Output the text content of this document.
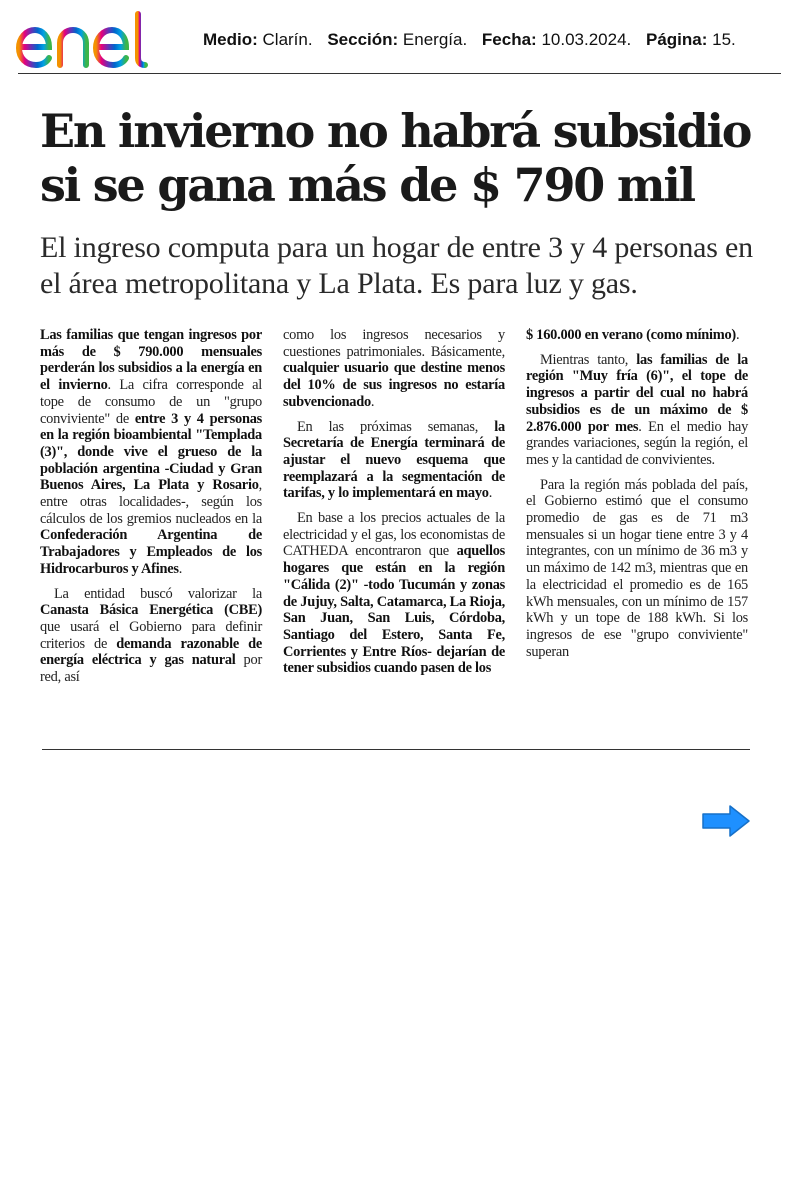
Medio: Clarín. Sección: Energía. Fecha: 10.03.2024. Página: 15.
En invierno no habrá subsidio si se gana más de $ 790 mil
El ingreso computa para un hogar de entre 3 y 4 personas en el área metropolitana y La Plata. Es para luz y gas.

Las familias que tengan ingresos por más de $ 790.000 mensuales perderán los subsidios a la energía en el invierno. La cifra corresponde al tope de consumo de un "grupo conviviente" de entre 3 y 4 personas en la región bioambiental "Templada (3)", donde vive el grueso de la población argentina -Ciudad y Gran Buenos Aires, La Plata y Rosario, entre otras localidades-, según los cálculos de los gremios nucleados en la Confederación Argentina de Trabajadores y Empleados de los Hidrocarburos y Afines.

La entidad buscó valorizar la Canasta Básica Energética (CBE) que usará el Gobierno para definir criterios de demanda razonable de energía eléctrica y gas natural por red, así

como los ingresos necesarios y cuestiones patrimoniales. Básicamente, cualquier usuario que destine menos del 10% de sus ingresos no estaría subvencionado.

En las próximas semanas, la Secretaría de Energía terminará de ajustar el nuevo esquema que reemplazará a la segmentación de tarifas, y lo implementará en mayo.

En base a los precios actuales de la electricidad y el gas, los economistas de CATHEDA encontraron que aquellos hogares que están en la región "Cálida (2)" -todo Tucumán y zonas de Jujuy, Salta, Catamarca, La Rioja, San Juan, San Luis, Córdoba, Santiago del Estero, Santa Fe, Corrientes y Entre Ríos- dejarían de tener subsidios cuando pasen de los

$ 160.000 en verano (como mínimo).

Mientras tanto, las familias de la región "Muy fría (6)", el tope de ingresos a partir del cual no habrá subsidios es de un máximo de $ 2.876.000 por mes. En el medio hay grandes variaciones, según la región, el mes y la cantidad de convivientes.

Para la región más poblada del país, el Gobierno estimó que el consumo promedio de gas es de 71 m3 mensuales si un hogar tiene entre 3 y 4 integrantes, con un mínimo de 36 m3 y un máximo de 142 m3, mientras que en la electricidad el promedio es de 165 kWh mensuales, con un mínimo de 157 kWh y un tope de 188 kWh. Si los ingresos de ese "grupo conviviente" superan
